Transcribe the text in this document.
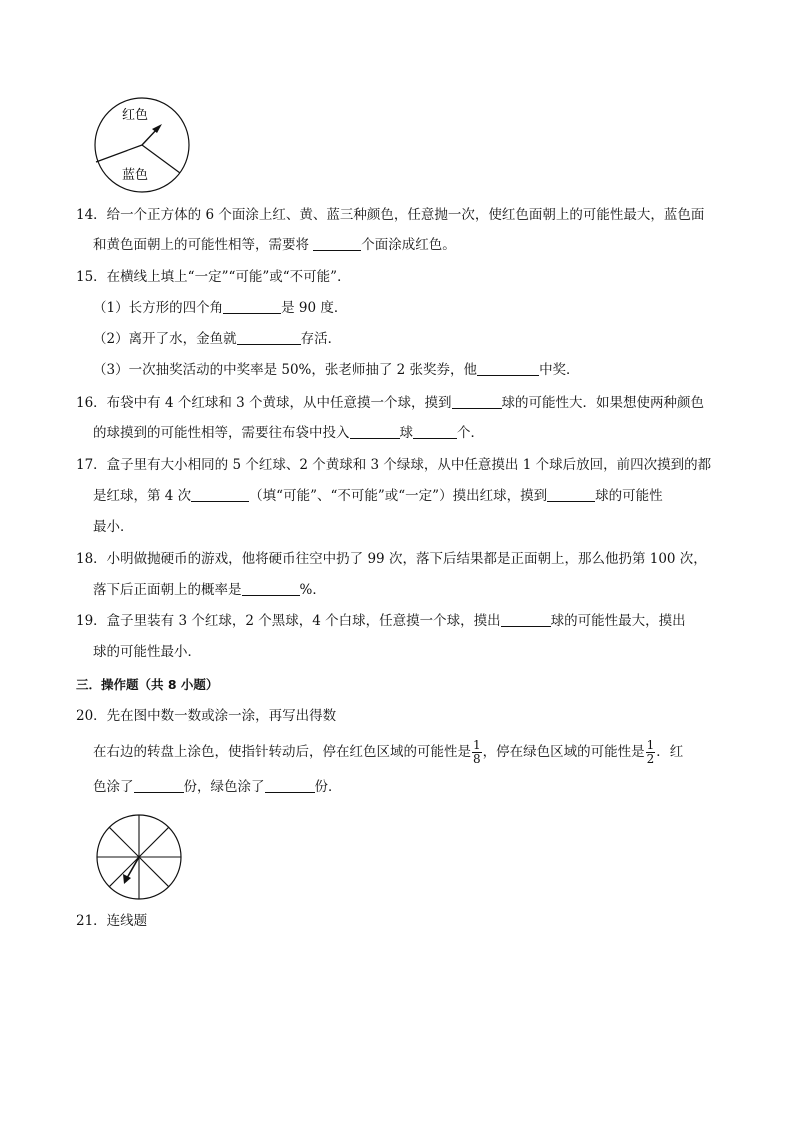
红色
蓝色
14．给一个正方体的 6 个面涂上红、黄、蓝三种颜色，任意抛一次，使红色面朝上的可能性最大，蓝色面
和黄色面朝上的可能性相等，需要将	个面涂成红色。
15．在横线上填上“一定”“可能”或“不可能”．
（1）长方形的四个角	是 90 度．
（2）离开了水，金鱼就	存活．
（3）一次抽奖活动的中奖率是 50%，张老师抽了 2 张奖券，他	中奖．
16．布袋中有 4 个红球和 3 个黄球，从中任意摸一个球，摸到	球的可能性大．如果想使两种颜色
的球摸到的可能性相等，需要往布袋中投入	球	个．
17．盒子里有大小相同的 5 个红球、2 个黄球和 3 个绿球，从中任意摸出 1 个球后放回，前四次摸到的都
是红球，第 4 次	（填“可能”、“不可能”或“一定”）摸出红球，摸到	球的可能性
最小．
18．小明做抛硬币的游戏，他将硬币往空中扔了 99 次，落下后结果都是正面朝上，那么他扔第 100 次，
落下后正面朝上的概率是	%．
19．盒子里装有 3 个红球，2 个黑球，4 个白球，任意摸一个球，摸出	球的可能性最大，摸出
球的可能性最小．
三．操作题（共 8 小题）
20．先在图中数一数或涂一涂，再写出得数
在右边的转盘上涂色，使指针转动后，停在红色区域的可能性是 $\frac{1}{8}$ ，停在绿色区域的可能性是 $\frac{1}{2}$ ．红
色涂了	份，绿色涂了	份．
21．连线题
